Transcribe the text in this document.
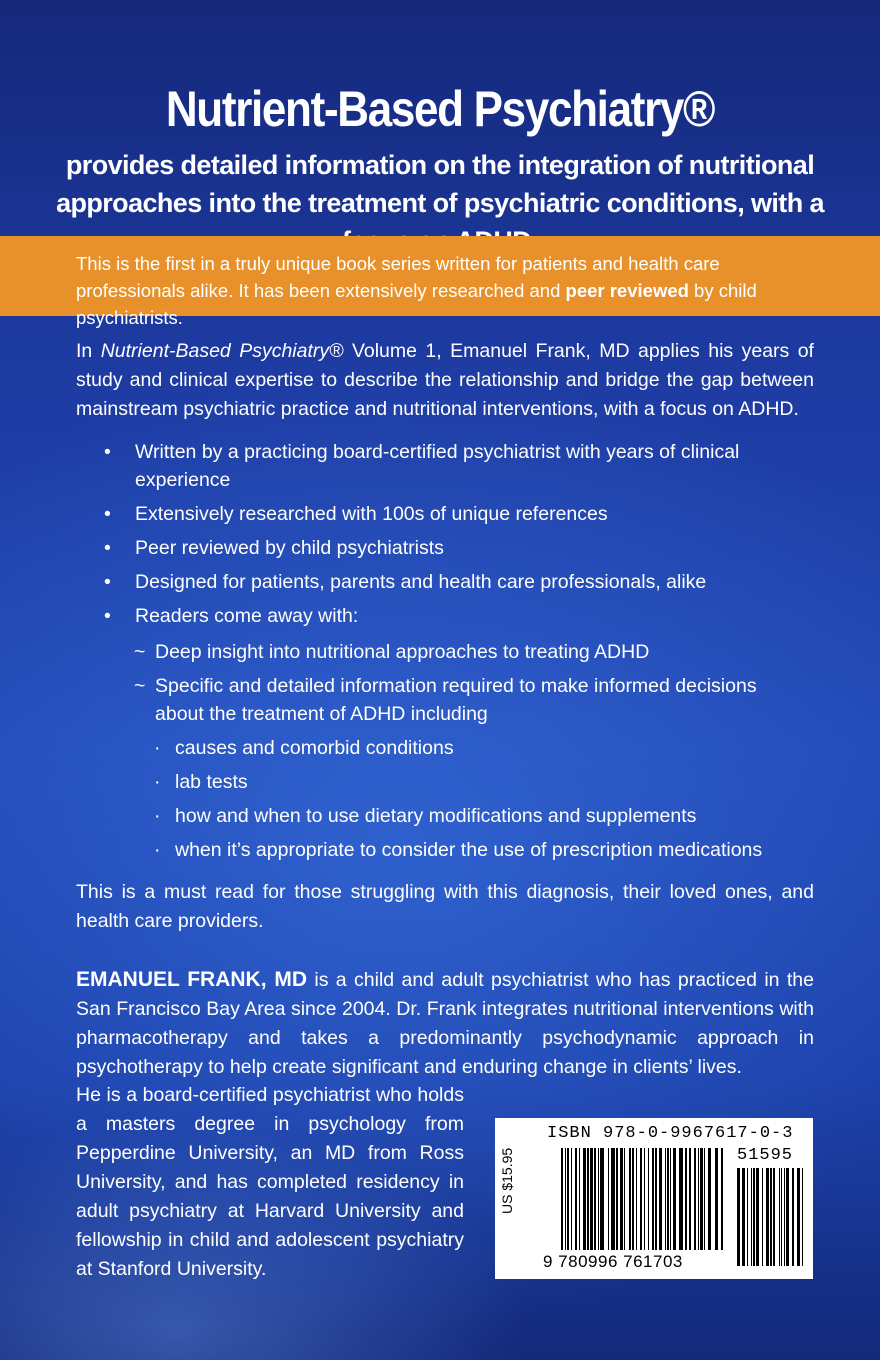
Nutrient-Based Psychiatry®
provides detailed information on the integration of nutritional approaches into the treatment of psychiatric conditions, with a
This is the first in a truly unique book series written for patients and health care professionals alike. It has been extensively researched and peer reviewed by child psychiatrists.
In Nutrient-Based Psychiatry® Volume 1, Emanuel Frank, MD applies his years of study and clinical expertise to describe the relationship and bridge the gap between mainstream psychiatric practice and nutritional interventions, with a focus on ADHD.
• Written by a practicing board-certified psychiatrist with years of clinical experience
• Extensively researched with 100s of unique references
• Peer reviewed by child psychiatrists
• Designed for patients, parents and health care professionals, alike
• Readers come away with:
~ Deep insight into nutritional approaches to treating ADHD
~ Specific and detailed information required to make informed decisions about the treatment of ADHD including
· causes and comorbid conditions
· lab tests
· how and when to use dietary modifications and supplements
· when it’s appropriate to consider the use of prescription medications
This is a must read for those struggling with this diagnosis, their loved ones, and health care providers.
EMANUEL FRANK, MD is a child and adult psychiatrist who has practiced in the San Francisco Bay Area since 2004. Dr. Frank integrates nutritional interventions with pharmacotherapy and takes a predominantly psychodynamic approach in psychotherapy to help create significant and enduring change in clients’ lives.
He is a board-certified psychiatrist who holds a masters degree in psychology from Pepperdine University, an MD from Ross University, and has completed residency in adult psychiatry at Harvard University and fellowship in child and adolescent psychiatry at Stanford University.
ISBN 978-0-9967617-0-3
51595
US $15.95
9 780996 761703
